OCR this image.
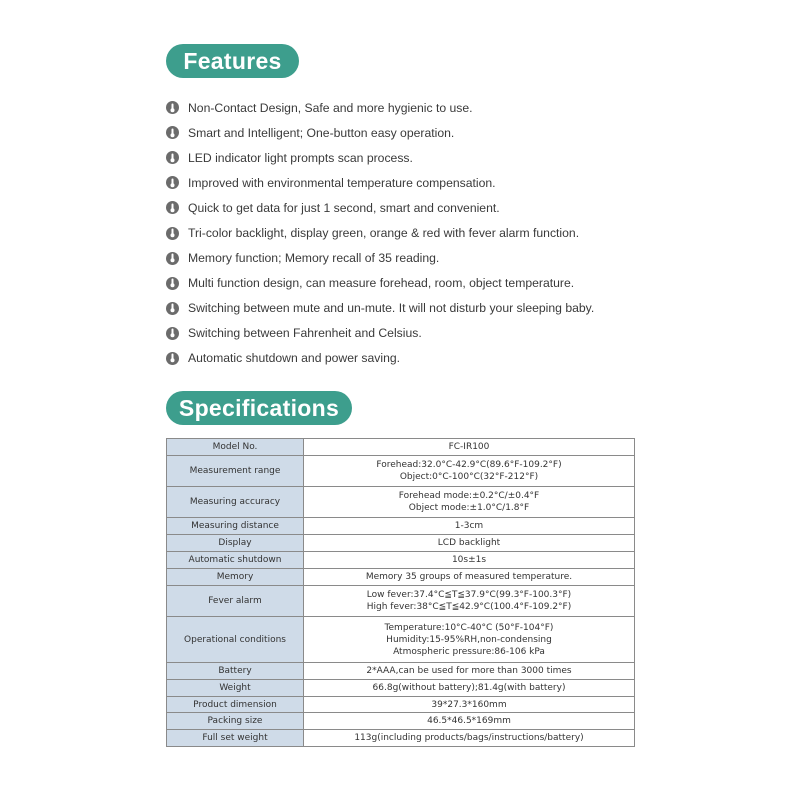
Features
Non-Contact Design, Safe and more hygienic to use.
Smart and Intelligent; One-button easy operation.
LED indicator light prompts scan process.
Improved with environmental temperature compensation.
Quick to get data for just 1 second, smart and convenient.
Tri-color backlight, display green, orange & red with fever alarm function.
Memory function; Memory recall of 35 reading.
Multi function design, can measure forehead, room, object temperature.
Switching between mute and un-mute. It will not disturb your sleeping baby.
Switching between Fahrenheit and Celsius.
Automatic shutdown and power saving.
Specifications
Model No.	FC-IR100

Measurement range	Forehead:32.0°C-42.9°C(89.6°F-109.2°F)
Object:0°C-100°C(32°F-212°F)

Measuring accuracy	Forehead mode:±0.2°C/±0.4°F
Object mode:±1.0°C/1.8°F

Measuring distance	1-3cm

Display	LCD backlight

Automatic shutdown	10s±1s

Memory	Memory 35 groups of measured temperature.

Fever alarm	Low fever:37.4°C≦T≦37.9°C(99.3°F-100.3°F)
High fever:38°C≦T≦42.9°C(100.4°F-109.2°F)

Operational conditions	Temperature:10°C-40°C (50°F-104°F)
Humidity:15-95%RH,non-condensing
Atmospheric pressure:86-106 kPa

Battery	2*AAA,can be used for more than 3000 times

Weight	66.8g(without battery);81.4g(with battery)

Product dimension	39*27.3*160mm

Packing size	46.5*46.5*169mm

Full set weight	113g(including products/bags/instructions/battery)
